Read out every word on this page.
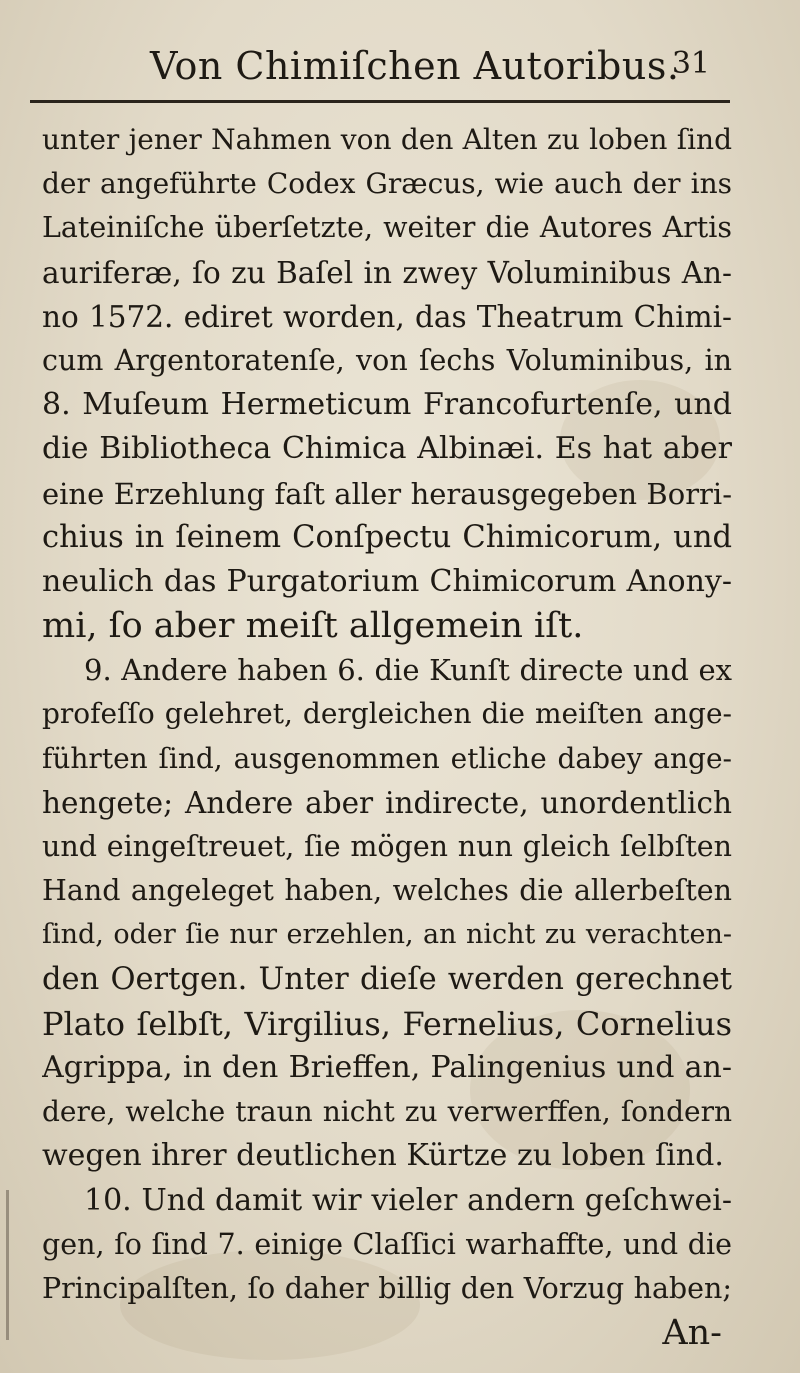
Von Chimiſchen Autoribus.
31
unter jener Nahmen von den Alten zu loben ſind
der angeführte Codex Græcus, wie auch der ins
Lateiniſche überſetzte, weiter die Autores Artis
auriferæ, ſo zu Baſel in zwey Voluminibus An-
no 1572. ediret worden, das Theatrum Chimi-
cum Argentoratenſe, von ſechs Voluminibus, in
8. Muſeum Hermeticum Francofurtenſe, und
die Bibliotheca Chimica Albinæi. Es hat aber
eine Erzehlung faſt aller herausgegeben Borri-
chius in ſeinem Conſpectu Chimicorum, und
neulich das Purgatorium Chimicorum Anony-
mi, ſo aber meiſt allgemein iſt.
9. Andere haben 6. die Kunſt directe und ex
profeſſo gelehret, dergleichen die meiſten ange-
führten ſind, ausgenommen etliche dabey ange-
hengete; Andere aber indirecte, unordentlich
und eingeſtreuet, ſie mögen nun gleich ſelbſten
Hand angeleget haben, welches die allerbeſten
ſind, oder ſie nur erzehlen, an nicht zu verachten-
den Oertgen. Unter dieſe werden gerechnet
Plato ſelbſt, Virgilius, Fernelius, Cornelius
Agrippa, in den Brieffen, Palingenius und an-
dere, welche traun nicht zu verwerffen, ſondern
wegen ihrer deutlichen Kürtze zu loben ſind.
10. Und damit wir vieler andern geſchwei-
gen, ſo ſind 7. einige Claſſici warhaffte, und die
Principalſten, ſo daher billig den Vorzug haben;
An-
